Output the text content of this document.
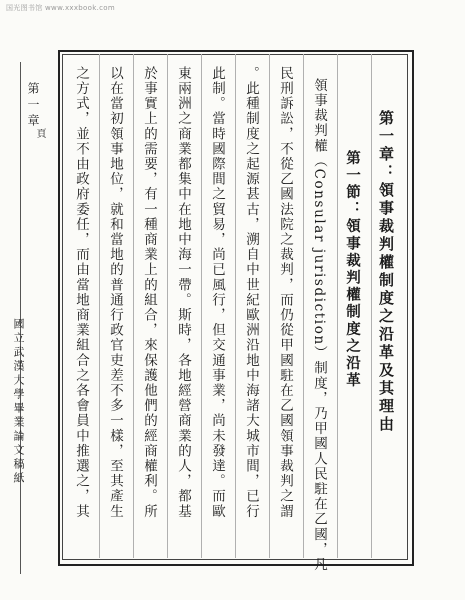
国光图书馆 www.xxxbook.com
第一章
頁
國立武漢大學畢業論文稿紙	第一章：領事裁判權制度之沿革及其理由
第一節：領事裁判權制度之沿革
領事裁判權（Consular jurisdiction）制度，乃甲國人民駐在乙國，凡
民刑訴訟，不從乙國法院之裁判，而仍從甲國駐在乙國領事裁判之謂
。此種制度之起源甚古，溯自中世紀歐洲沿地中海諸大城市間，已行
此制。當時國際間之貿易，尚已風行，但交通事業，尚未發達。而歐
東兩洲之商業都集中在地中海一帶。斯時，各地經營商業的人，都基
於事實上的需要，有一種商業上的組合，來保護他們的經商權利。所
以在當初領事地位，就和當地的普通行政官吏差不多一樣，至其產生
之方式，並不由政府委任，而由當地商業組合之各會員中推選之，其
